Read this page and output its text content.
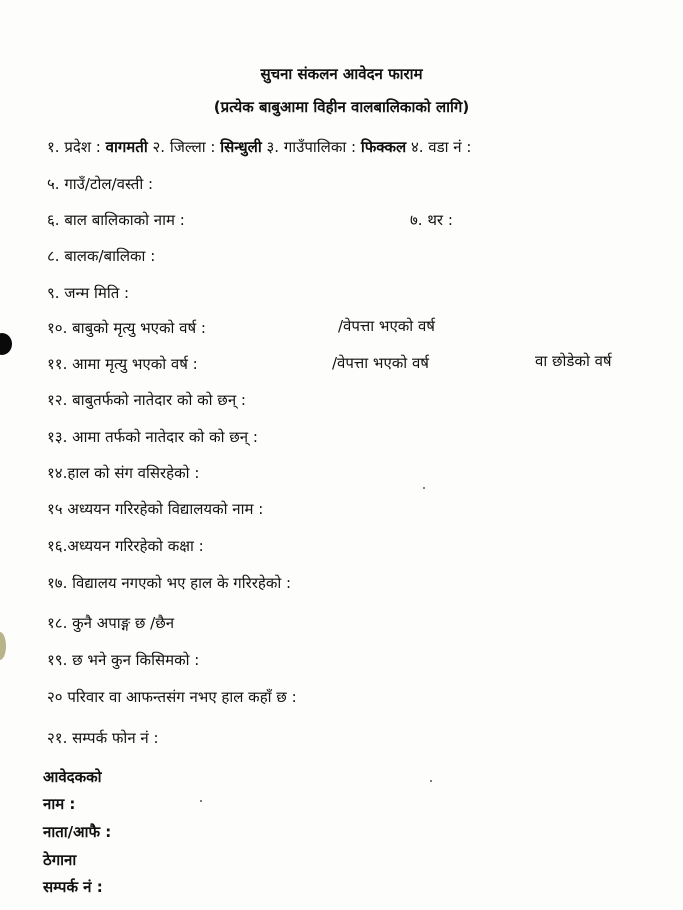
सुचना संकलन आवेदन फाराम
(प्रत्येक बाबुआमा विहीन वालबालिकाको लागि)
१. प्रदेश : वागमती २. जिल्ला : सिन्धुली ३. गाउँपालिका : फिक्कल ४. वडा नं :
५. गाउँ/टोल/वस्ती :
६. बाल बालिकाको नाम :	७. थर :
८. बालक/बालिका :
९. जन्म मिति :
१०. बाबुको मृत्यु भएको वर्ष :	/वेपत्ता भएको वर्ष
११. आमा मृत्यु भएको वर्ष :	/वेपत्ता भएको वर्ष	वा छोडेको वर्ष
१२. बाबुतर्फको नातेदार को को छन् :
१३. आमा तर्फको नातेदार को को छन् :
१४.हाल को संग वसिरहेको :
१५ अध्ययन गरिरहेको विद्यालयको नाम :
१६.अध्ययन गरिरहेको कक्षा :
१७. विद्यालय नगएको भए हाल के गरिरहेको :
१८. कुनै अपाङ्ग छ /छैन
१९. छ भने कुन किसिमको :
२० परिवार वा आफन्तसंग नभए हाल कहाँ छ :
२१. सम्पर्क फोन नं :
आवेदकको
नाम :
नाता/आफै :
ठेगाना
सम्पर्क नं :
